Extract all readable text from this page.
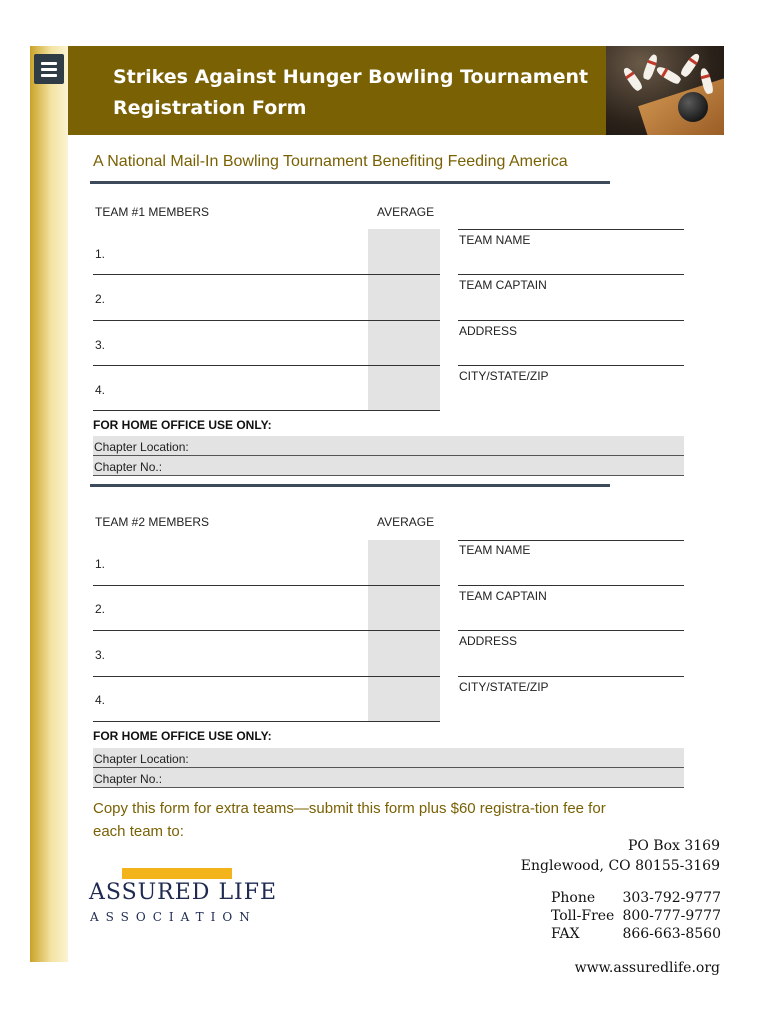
Strikes Against Hunger Bowling Tournament Registration Form
A National Mail-In Bowling Tournament Benefiting Feeding America
TEAM #1 MEMBERS	AVERAGE
1.
2.
3.
4.
TEAM NAME
TEAM CAPTAIN
ADDRESS
CITY/STATE/ZIP
FOR HOME OFFICE USE ONLY:
Chapter Location:
Chapter No.:
TEAM #2 MEMBERS	AVERAGE
1.
2.
3.
4.
TEAM NAME
TEAM CAPTAIN
ADDRESS
CITY/STATE/ZIP
FOR HOME OFFICE USE ONLY:
Chapter Location:
Chapter No.:
Copy this form for extra teams—submit this form plus $60 registra-tion fee for each team to:
PO Box 3169
Englewood, CO 80155-3169
Phone 303-792-9777
Toll-Free 800-777-9777
FAX	866-663-8560
www.assuredlife.org
ASSURED LIFE
ASSOCIATION
